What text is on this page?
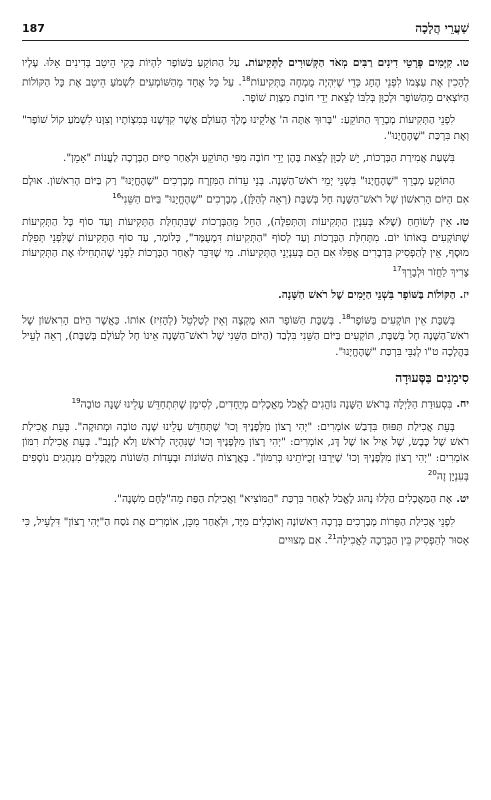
187	שַׁעֲרֵי הֲלָכָה

טו.קִיְּמִים פְּרָטֵי דִינִים רַבִּים מְאֹד הַקְּשׁוּרִים לַתְּקִיעוֹת. עַל הַתּוֹקֵעַ בַּשּׁוֹפָר לִהְיוֹת בָּקִי הֵיטֵב בְּדִינִים אֵלּוּ. עָלָיו לְהָכִין אֶת עַצְמוֹ לִפְנֵי הֶחָג כְּדֵי שֶׁיִּהְיֶה מֻמְחֶה בַּתְּקִיעוֹת$^{18}$. עַל כָּל אֶחָד מֵהַשּׁוֹמְעִים לִשְׁמֹעַ הֵיטֵב אֶת כָּל הַקּוֹלוֹת הַיּוֹצְאִים מֵהַשּׁוֹפָר וּלְכַוֵּן בְּלִבּוֹ לָצֵאת יְדֵי חוֹבַת מִצְוַת שׁוֹפָר.

לִפְנֵי הַתְּקִיעוֹת מְבָרֵךְ הַתּוֹקֵעַ: "בָּרוּךְ אַתָּה ה' אֱלֹקֵינוּ מֶלֶךְ הָעוֹלָם אֲשֶׁר קִדְּשָׁנוּ בְּמִצְוֹתָיו וְצִוָּנוּ לִשְׁמֹעַ קוֹל שׁוֹפָר" וְאֶת בִּרְכַּת "שֶׁהֶחֱיָנוּ".

בִּשְׁעַת אֲמִירַת הַבְּרָכוֹת, יֵשׁ לְכַוֵּן לָצֵאת בָּהֶן יְדֵי חוֹבָה מִפִּי הַתּוֹקֵעַ וּלְאַחַר סִיּוּם הַבְּרָכָה לַעֲנוֹת "אָמֵן".

הַתּוֹקֵעַ מְבָרֵךְ "שֶׁהֶחֱיָנוּ" בִּשְׁנֵי יְמֵי רֹאשׁ־הַשָּׁנָה. בְּנֵי עֵדוֹת הַמִּזְרָח מְבָרְכִים "שֶׁהֶחֱיָנוּ" רַק בַּיּוֹם הָרִאשׁוֹן. אוּלָם אִם הַיּוֹם הָרִאשׁוֹן שֶׁל רֹאשׁ־הַשָּׁנָה חָל בְּשַׁבָּת (רְאֵה לְהַלָּן), מְבָרְכִים "שֶׁהֶחֱיָנוּ" בַּיּוֹם הַשֵּׁנִי$^{16}$

טז.אֵין לְשׂוֹחֵחַ (שֶׁלֹּא בְּעִנְיַן הַתְּקִיעוֹת וְהַתְּפִלָּה), הַחֵל מֵהַבְּרָכוֹת שֶׁבִּתְחִלַּת הַתְּקִיעוֹת וְעַד סוֹף כָּל הַתְּקִיעוֹת שֶׁתּוֹקְעִים בְּאוֹתוֹ יוֹם. מִתְּחִלַּת הַבְּרָכוֹת וְעַד לְסוֹף "הַתְּקִיעוֹת דִּמְעֻמָּד", כְּלוֹמַר, עַד סוֹף הַתְּקִיעוֹת שֶׁלִּפְנֵי תְּפִלַּת מוּסָף, אֵין לְהַפְסִיק בִּדְבָרִים אֲפִלּוּ אִם הֵם בְּעִנְיְנֵי הַתְּקִיעוֹת. מִי שֶׁדִּבֵּר לְאַחַר הַבְּרָכוֹת לִפְנֵי שֶׁהִתְחִילוּ אֶת הַתְּקִיעוֹת צָרִיךְ לַחֲזֹר וּלְבָרֵךְ$^{17}$

יז.הַקּוֹלוֹת בַּשּׁוֹפָר בִּשְׁנֵי הַיָּמִים שֶׁל רֹאשׁ הַשָּׁנָה.

בְּשַׁבָּת אֵין תּוֹקְעִים בַּשּׁוֹפָר$^{18}$. בְּשַׁבָּת הַשּׁוֹפָר הוּא מֻקְצֶה וְאֵין לְטַלְטֵל (לְהָזִיז) אוֹתוֹ. כַּאֲשֶׁר הַיּוֹם הָרִאשׁוֹן שֶׁל רֹאשׁ־הַשָּׁנָה חָל בְּשַׁבָּת, תּוֹקְעִים בַּיּוֹם הַשֵּׁנִי בִּלְבַד (הַיּוֹם הַשֵּׁנִי שֶׁל רֹאשׁ־הַשָּׁנָה אֵינוֹ חָל לְעוֹלָם בְּשַׁבָּת), רְאֵה לְעֵיל בַּהֲלָכָה ט"ו לְגַבֵּי בִּרְכַּת "שֶׁהֶחֱיָנוּ".

סִימָנִים בַּסְּעוּדָה

יח.בִּסְעוּדַת הַלַּיְלָה בְּרֹאשׁ הַשָּׁנָה נוֹהֲגִים לֶאֱכֹל מַאֲכָלִים מְיֻחָדִים, לְסִימָן שֶׁתִּתְחַדֵּשׁ עָלֵינוּ שָׁנָה טוֹבָה$^{19}$

בְּעֵת אֲכִילַת תַּפּוּחַ בִּדְבַשׁ אוֹמְרִים: "יְהִי רָצוֹן מִלְּפָנֶיךָ וְכוּ' שֶׁתְּחַדֵּשׁ עָלֵינוּ שָׁנָה טוֹבָה וּמְתוּקָה". בְּעֵת אֲכִילַת רֹאשׁ שֶׁל כֶּבֶשׂ, שֶׁל אַיִל אוֹ שֶׁל דָּג, אוֹמְרִים: "יְהִי רָצוֹן מִלְּפָנֶיךָ וְכוּ' שֶׁנִּהְיֶה לְרֹאשׁ וְלֹא לְזָנָב". בְּעֵת אֲכִילַת רִמּוֹן אוֹמְרִים: "יְהִי רָצוֹן מִלְּפָנֶיךָ וְכוּ' שֶׁיִּרְבּוּ זְכֻיּוֹתֵינוּ כְּרִמּוֹן". בָּאֲרָצוֹת הַשּׁוֹנוֹת וּבָעֵדוֹת הַשּׁוֹנוֹת מְקֻבָּלִים מִנְהָגִים נוֹסָפִים בְּעִנְיָן זֶה$^{20}$

יט.אֶת הַמַּאֲכָלִים הַלָּלוּ נָהוּג לֶאֱכֹל לְאַחַר בִּרְכַּת "הַמּוֹצִיא" וַאֲכִילַת הַפַּת מֵה"לֶּחֶם מִשְׁנֶה".

לִפְנֵי אֲכִילַת הַפֵּרוֹת מְבָרְכִים בְּרָכָה רִאשׁוֹנָה וְאוֹכְלִים מִיָּד, וּלְאַחַר מִכֵּן, אוֹמְרִים אֶת נֹסַח הַ"יְּהִי רָצוֹן" דִּלְעֵיל, כִּי אָסוּר לְהַפְסִיק בֵּין הַבְּרָכָה לַאֲכִילָה$^{21}$. אִם מְצוּיִים
